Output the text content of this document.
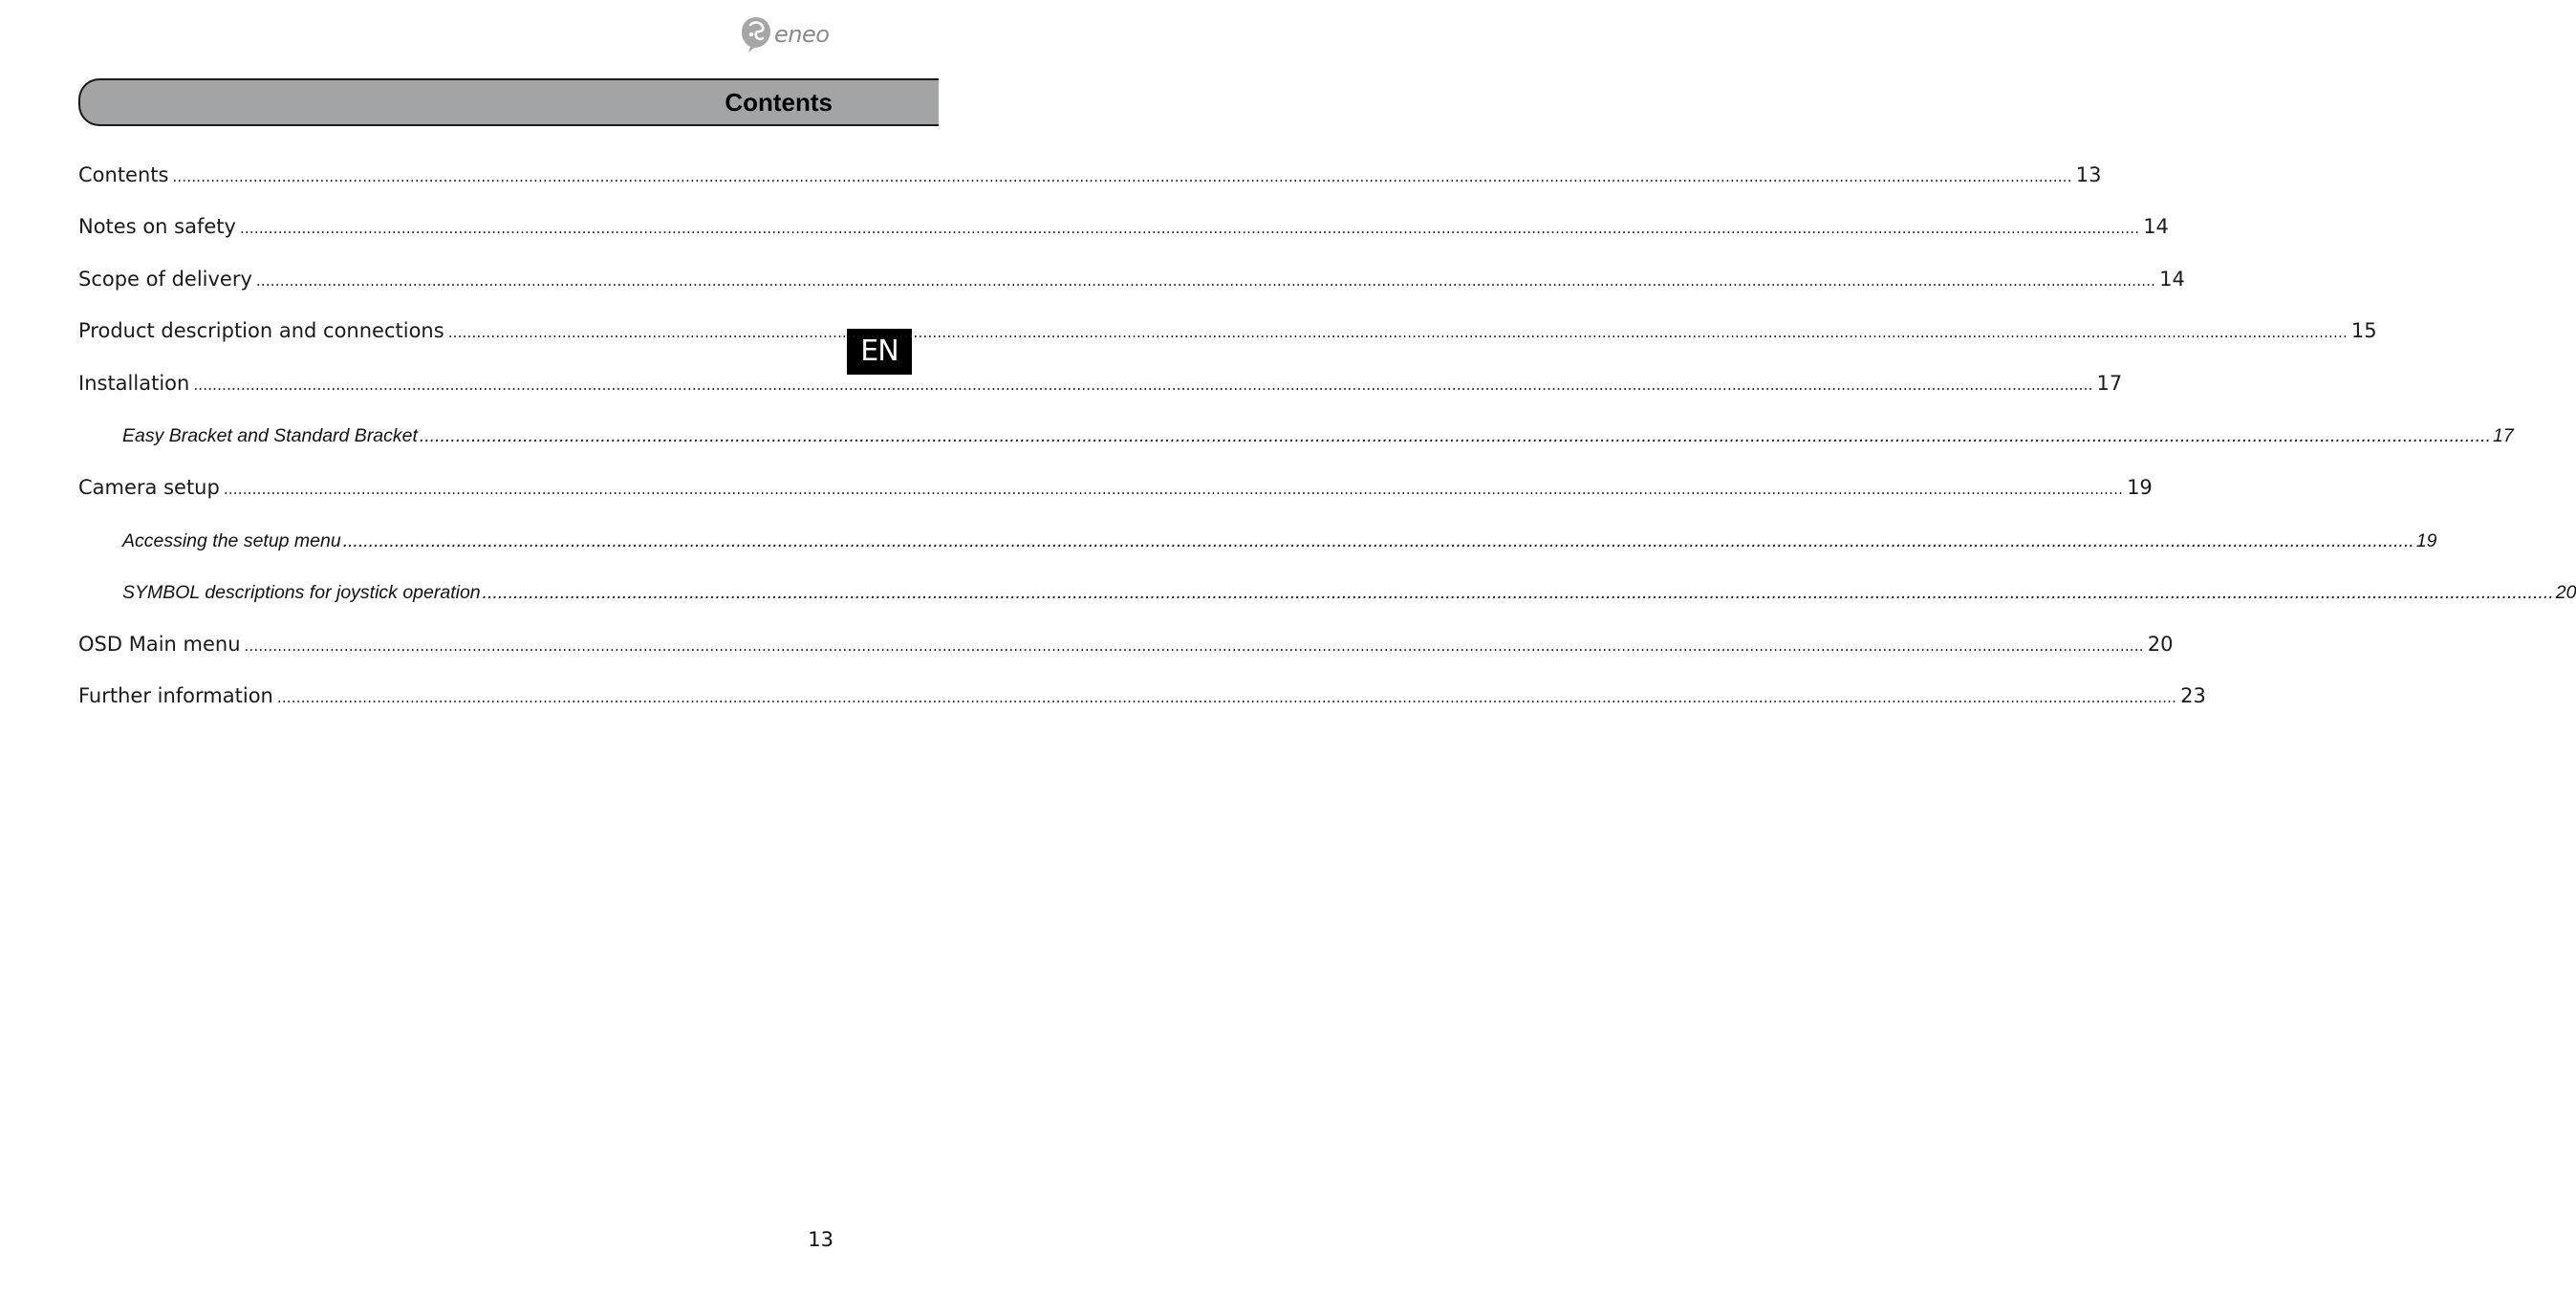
eneo
Contents
EN
Contents ................................................................................................................................................................................................................................................................................................................................................................................................................ 13
Notes on safety ................................................................................................................................................................................................................................................................................................................................................................................................................ 14
Scope of delivery ................................................................................................................................................................................................................................................................................................................................................................................................................ 14
Product description and connections ................................................................................................................................................................................................................................................................................................................................................................................................................ 15
Installation ................................................................................................................................................................................................................................................................................................................................................................................................................ 17
Easy Bracket and Standard Bracket ................................................................................................................................................................................................................................................................................................................................................................................................................ 17
Camera setup ................................................................................................................................................................................................................................................................................................................................................................................................................ 19
Accessing the setup menu ................................................................................................................................................................................................................................................................................................................................................................................................................ 19
SYMBOL descriptions for joystick operation ................................................................................................................................................................................................................................................................................................................................................................................................................ 20
OSD Main menu ................................................................................................................................................................................................................................................................................................................................................................................................................ 20
Further information ................................................................................................................................................................................................................................................................................................................................................................................................................ 23
13
